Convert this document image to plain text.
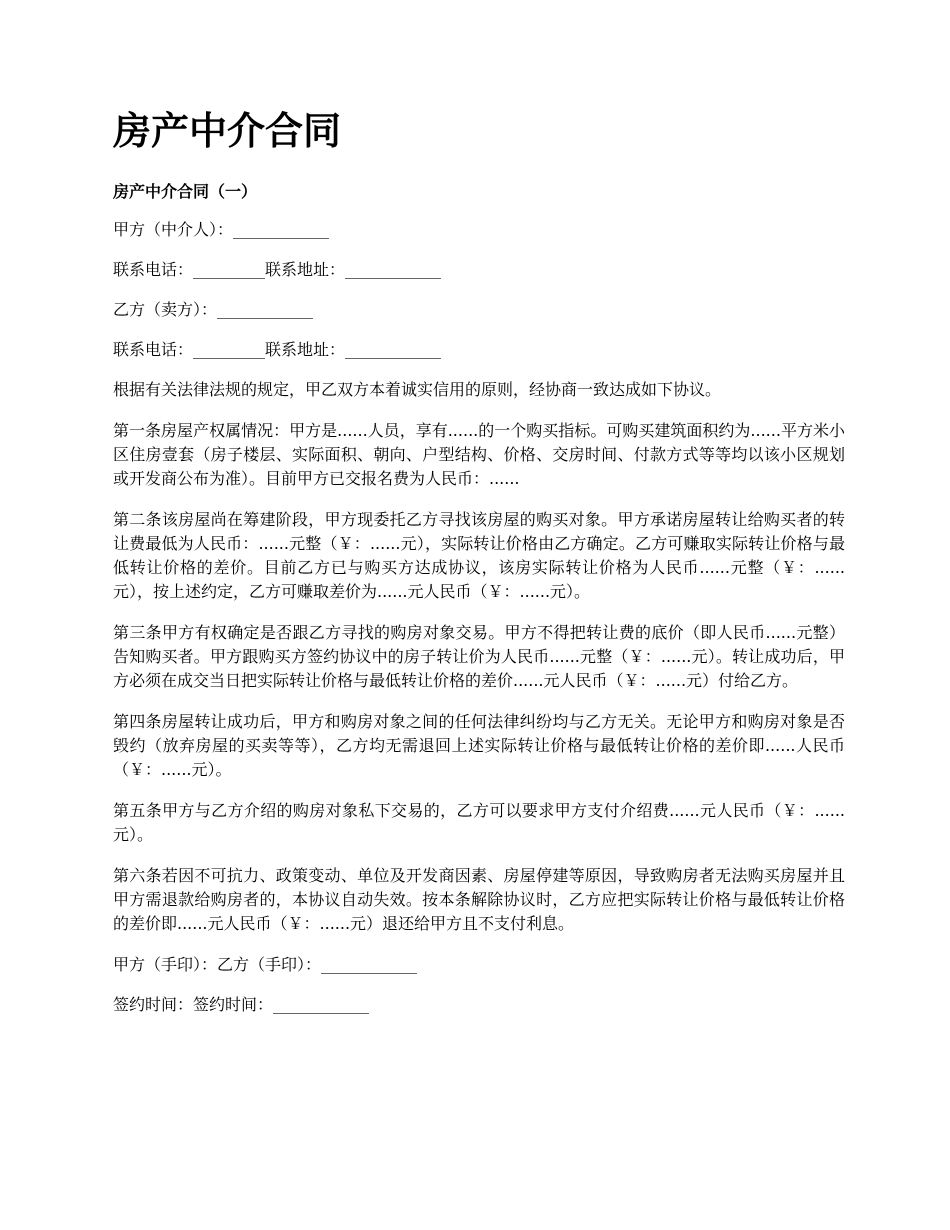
房产中介合同
房产中介合同（一）

甲方（中介人）：____________

联系电话：_________联系地址：____________

乙方（卖方）：____________

联系电话：_________联系地址：____________

根据有关法律法规的规定，甲乙双方本着诚实信用的原则，经协商一致达成如下协议。

第一条房屋产权属情况：甲方是......人员，享有......的一个购买指标。可购买建筑面积约为......平方米小区住房壹套（房子楼层、实际面积、朝向、户型结构、价格、交房时间、付款方式等等均以该小区规划或开发商公布为准）。目前甲方已交报名费为人民币：......

第二条该房屋尚在筹建阶段，甲方现委托乙方寻找该房屋的购买对象。甲方承诺房屋转让给购买者的转让费最低为人民币：......元整（￥：......元），实际转让价格由乙方确定。乙方可赚取实际转让价格与最低转让价格的差价。目前乙方已与购买方达成协议，该房实际转让价格为人民币......元整（￥：......元），按上述约定，乙方可赚取差价为......元人民币（￥：......元）。

第三条甲方有权确定是否跟乙方寻找的购房对象交易。甲方不得把转让费的底价（即人民币......元整）告知购买者。甲方跟购买方签约协议中的房子转让价为人民币......元整（￥：......元）。转让成功后，甲方必须在成交当日把实际转让价格与最低转让价格的差价......元人民币（￥：......元）付给乙方。

第四条房屋转让成功后，甲方和购房对象之间的任何法律纠纷均与乙方无关。无论甲方和购房对象是否毁约（放弃房屋的买卖等等），乙方均无需退回上述实际转让价格与最低转让价格的差价即......人民币（￥：......元）。

第五条甲方与乙方介绍的购房对象私下交易的，乙方可以要求甲方支付介绍费......元人民币（￥：......元）。

第六条若因不可抗力、政策变动、单位及开发商因素、房屋停建等原因，导致购房者无法购买房屋并且甲方需退款给购房者的，本协议自动失效。按本条解除协议时，乙方应把实际转让价格与最低转让价格的差价即......元人民币（￥：......元）退还给甲方且不支付利息。

甲方（手印）：乙方（手印）：____________

签约时间：签约时间：____________
